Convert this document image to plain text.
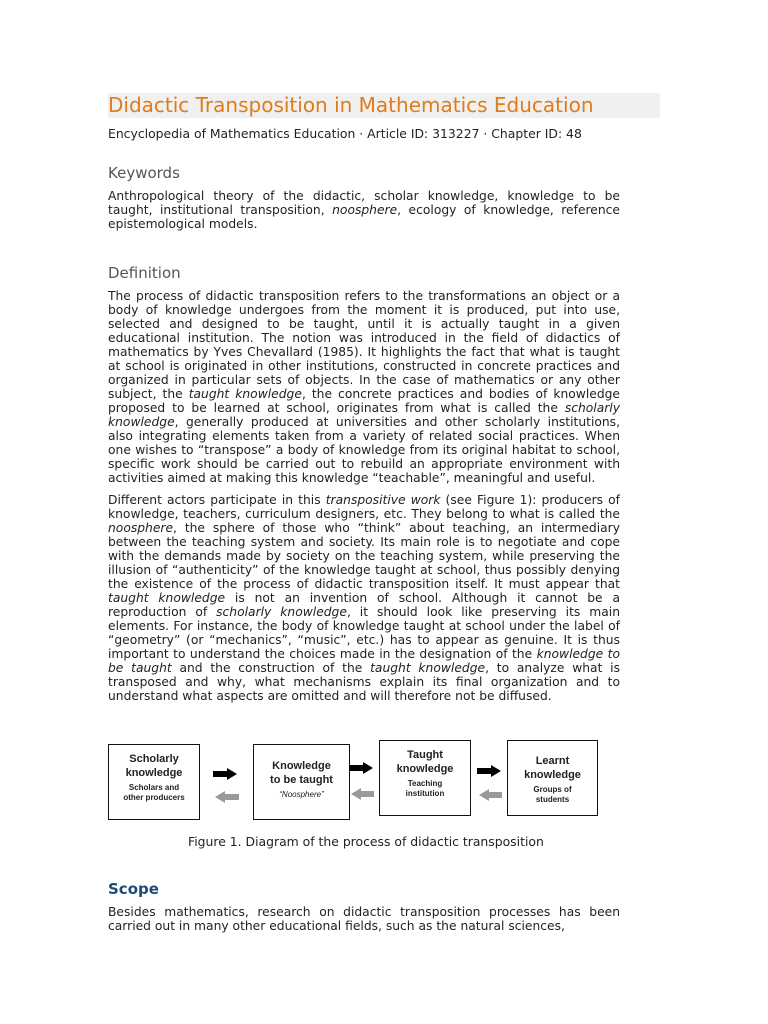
Didactic Transposition in Mathematics Education
Encyclopedia of Mathematics Education · Article ID: 313227 · Chapter ID: 48
Keywords
Anthropological theory of the didactic, scholar knowledge, knowledge to be
taught, institutional transposition, noosphere, ecology of knowledge, reference
epistemological models.
Definition
The process of didactic transposition refers to the transformations an object or a
body of knowledge undergoes from the moment it is produced, put into use,
selected and designed to be taught, until it is actually taught in a given
educational institution. The notion was introduced in the field of didactics of
mathematics by Yves Chevallard (1985). It highlights the fact that what is taught
at school is originated in other institutions, constructed in concrete practices and
organized in particular sets of objects. In the case of mathematics or any other
subject, the taught knowledge, the concrete practices and bodies of knowledge
proposed to be learned at school, originates from what is called the scholarly
knowledge, generally produced at universities and other scholarly institutions,
also integrating elements taken from a variety of related social practices. When
one wishes to “transpose” a body of knowledge from its original habitat to school,
specific work should be carried out to rebuild an appropriate environment with
activities aimed at making this knowledge “teachable”, meaningful and useful.
Different actors participate in this transpositive work (see Figure 1): producers of
knowledge, teachers, curriculum designers, etc. They belong to what is called the
noosphere, the sphere of those who “think” about teaching, an intermediary
between the teaching system and society. Its main role is to negotiate and cope
with the demands made by society on the teaching system, while preserving the
illusion of “authenticity” of the knowledge taught at school, thus possibly denying
the existence of the process of didactic transposition itself. It must appear that
taught knowledge is not an invention of school. Although it cannot be a
reproduction of scholarly knowledge, it should look like preserving its main
elements. For instance, the body of knowledge taught at school under the label of
“geometry” (or “mechanics”, “music”, etc.) has to appear as genuine. It is thus
important to understand the choices made in the designation of the knowledge to
be taught and the construction of the taught knowledge, to analyze what is
transposed and why, what mechanisms explain its final organization and to
understand what aspects are omitted and will therefore not be diffused.
Scholarly
knowledge
Scholars and
other producers
Knowledge
to be taught
“Noosphere”
Taught
knowledge
Teaching
institution
Learnt
knowledge
Groups of
students
Figure 1. Diagram of the process of didactic transposition
Scope
Besides mathematics, research on didactic transposition processes has been
carried out in many other educational fields, such as the natural sciences,
